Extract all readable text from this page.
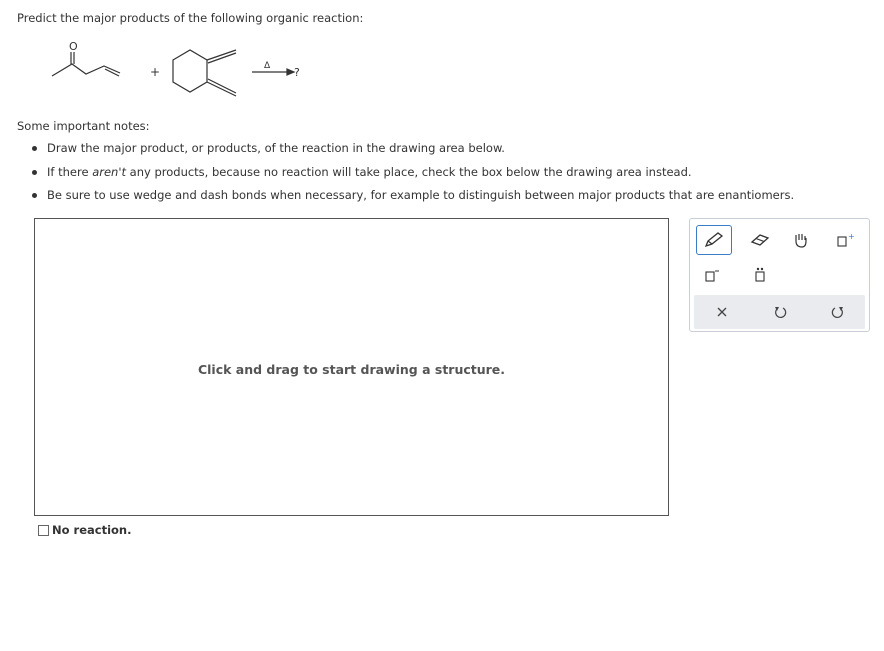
Predict the major products of the following organic reaction:
O
+	Δ ?
Some important notes:
Draw the major product, or products, of the reaction in the drawing area below.
If there aren't any products, because no reaction will take place, check the box below the drawing area instead.
Be sure to use wedge and dash bonds when necessary, for example to distinguish between major products that are enantiomers.
Click and drag to start drawing a structure.
No reaction.
+
